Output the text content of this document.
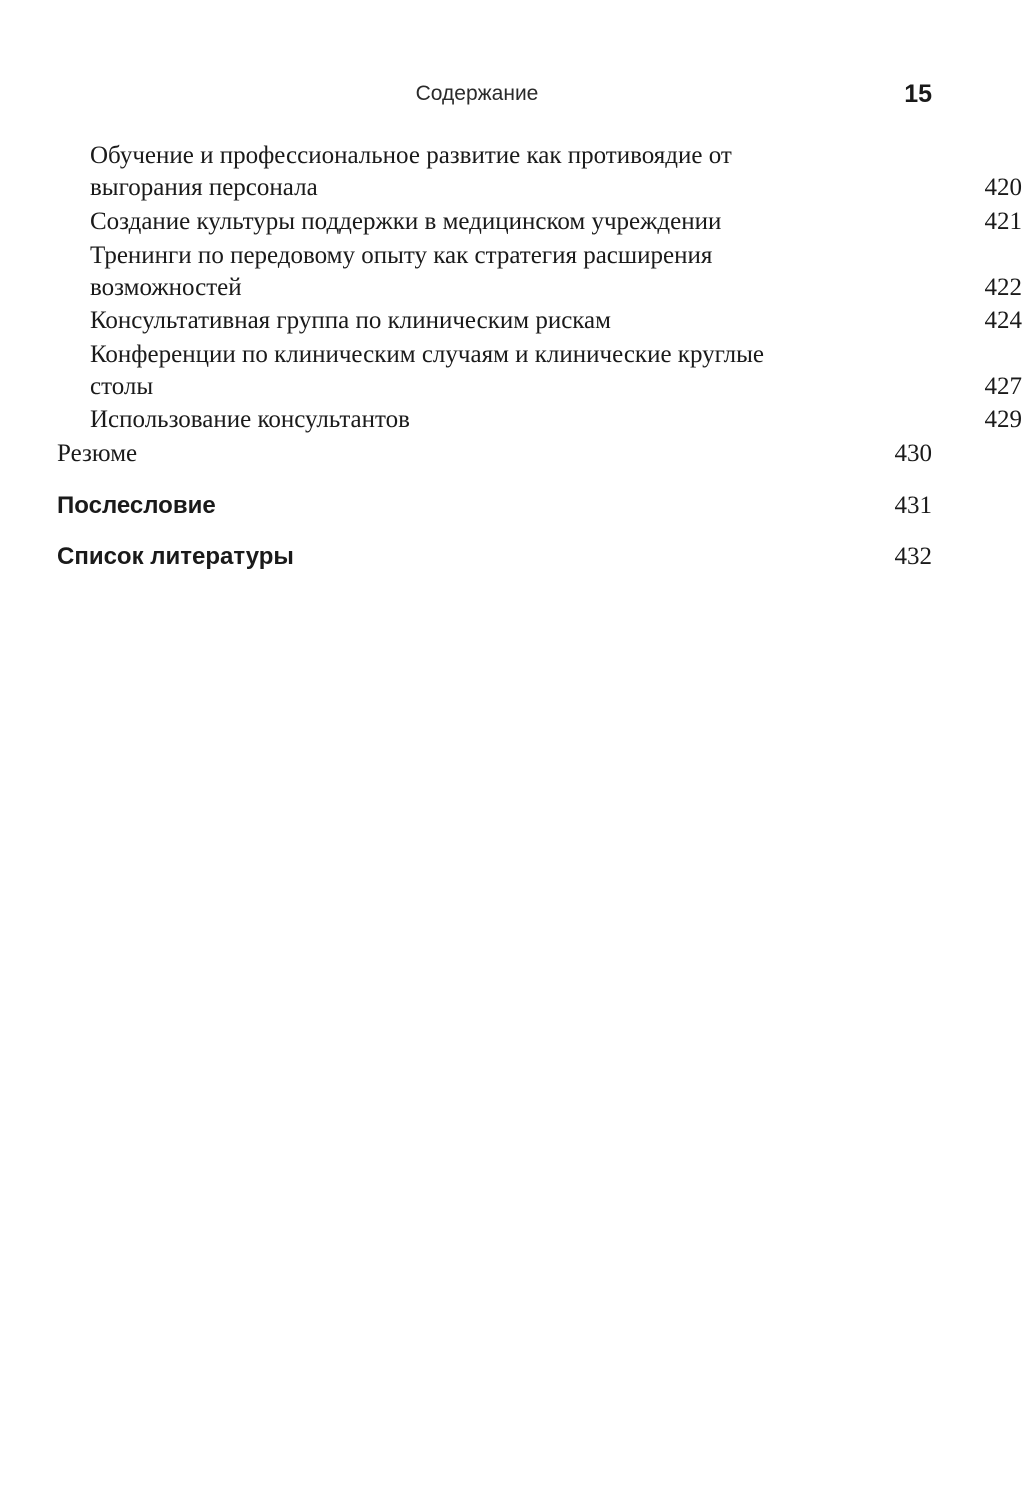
Содержание	15
Обучение и профессиональное развитие как противоядие от выгорания персонала	420
Создание культуры поддержки в медицинском учреждении	421
Тренинги по передовому опыту как стратегия расширения возможностей	422
Консультативная группа по клиническим рискам	424
Конференции по клиническим случаям и клинические круглые столы	427
Использование консультантов	429
Резюме	430
Послесловие	431
Список литературы	432
